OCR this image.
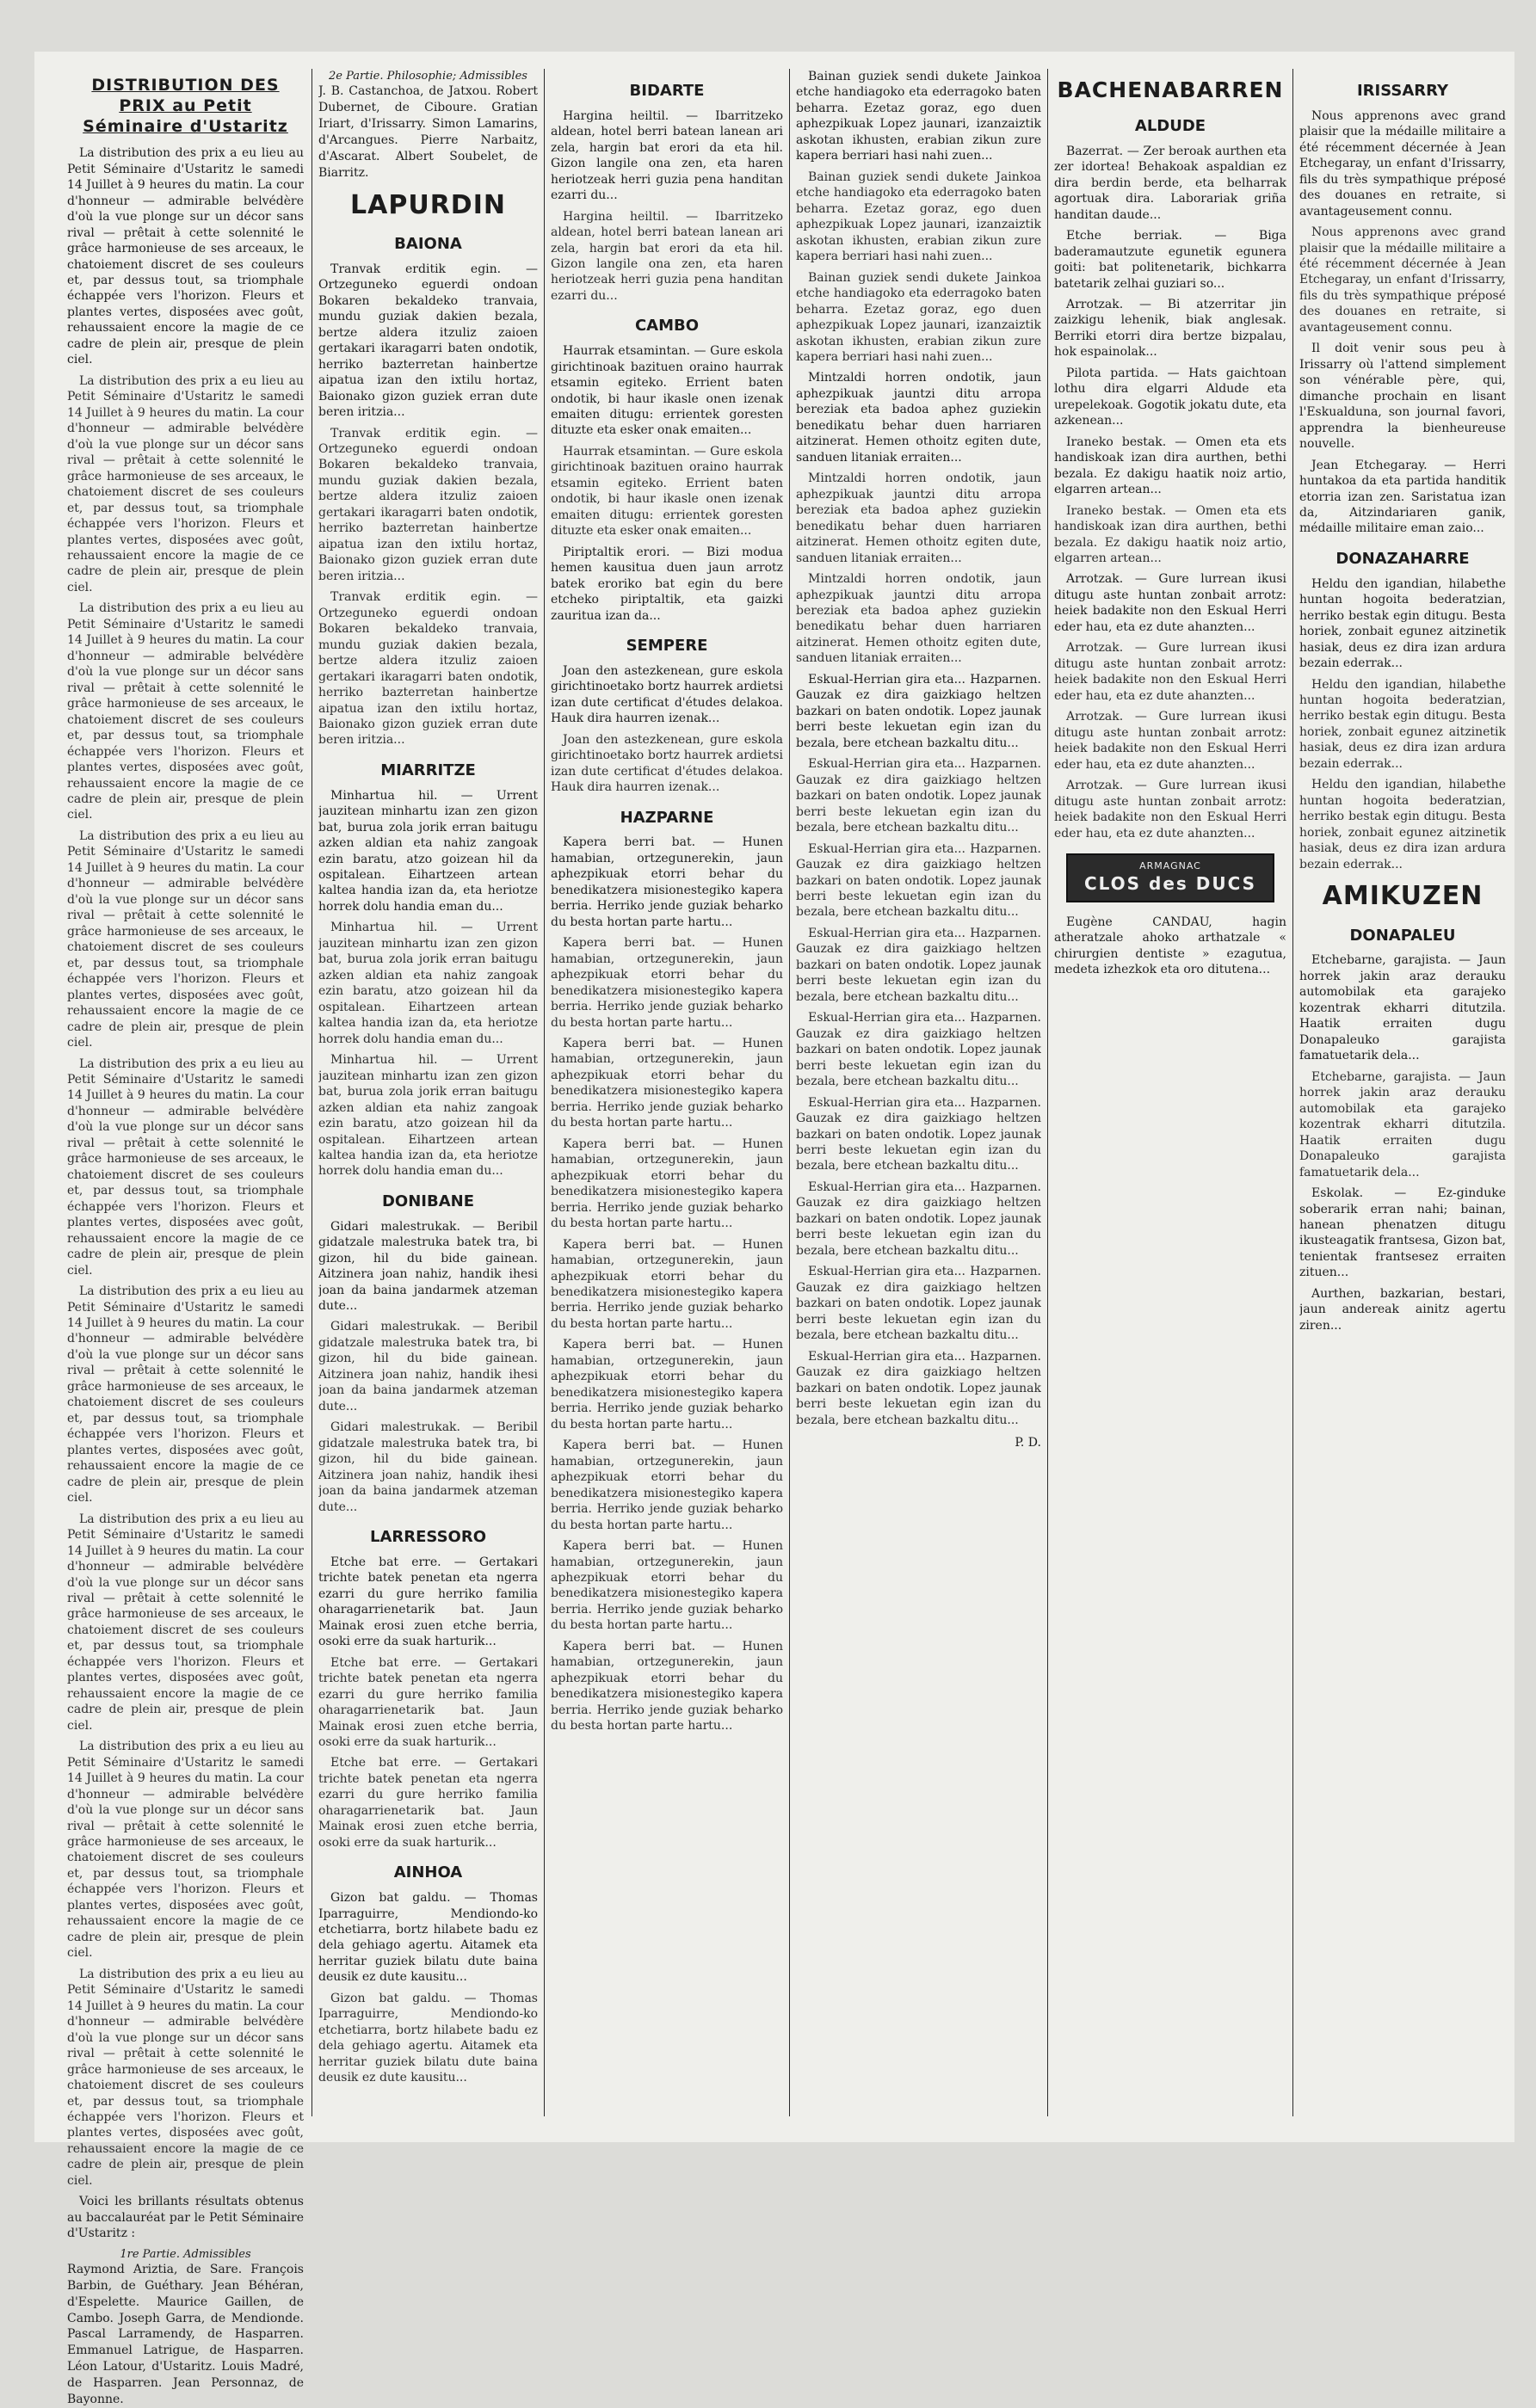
DISTRIBUTION DES PRIX au Petit Séminaire d'Ustaritz

La distribution des prix a eu lieu au Petit Séminaire d'Ustaritz le samedi 14 Juillet à 9 heures du matin. La cour d'honneur — admirable belvédère d'où la vue plonge sur un décor sans rival — prêtait à cette solennité le grâce harmonieuse de ses arceaux, le chatoiement discret de ses couleurs et, par dessus tout, sa triomphale échappée vers l'horizon. Fleurs et plantes vertes, disposées avec goût, rehaussaient encore la magie de ce cadre de plein air, presque de plein ciel.

La distribution des prix a eu lieu au Petit Séminaire d'Ustaritz le samedi 14 Juillet à 9 heures du matin. La cour d'honneur — admirable belvédère d'où la vue plonge sur un décor sans rival — prêtait à cette solennité le grâce harmonieuse de ses arceaux, le chatoiement discret de ses couleurs et, par dessus tout, sa triomphale échappée vers l'horizon. Fleurs et plantes vertes, disposées avec goût, rehaussaient encore la magie de ce cadre de plein air, presque de plein ciel.

La distribution des prix a eu lieu au Petit Séminaire d'Ustaritz le samedi 14 Juillet à 9 heures du matin. La cour d'honneur — admirable belvédère d'où la vue plonge sur un décor sans rival — prêtait à cette solennité le grâce harmonieuse de ses arceaux, le chatoiement discret de ses couleurs et, par dessus tout, sa triomphale échappée vers l'horizon. Fleurs et plantes vertes, disposées avec goût, rehaussaient encore la magie de ce cadre de plein air, presque de plein ciel.

La distribution des prix a eu lieu au Petit Séminaire d'Ustaritz le samedi 14 Juillet à 9 heures du matin. La cour d'honneur — admirable belvédère d'où la vue plonge sur un décor sans rival — prêtait à cette solennité le grâce harmonieuse de ses arceaux, le chatoiement discret de ses couleurs et, par dessus tout, sa triomphale échappée vers l'horizon. Fleurs et plantes vertes, disposées avec goût, rehaussaient encore la magie de ce cadre de plein air, presque de plein ciel.

La distribution des prix a eu lieu au Petit Séminaire d'Ustaritz le samedi 14 Juillet à 9 heures du matin. La cour d'honneur — admirable belvédère d'où la vue plonge sur un décor sans rival — prêtait à cette solennité le grâce harmonieuse de ses arceaux, le chatoiement discret de ses couleurs et, par dessus tout, sa triomphale échappée vers l'horizon. Fleurs et plantes vertes, disposées avec goût, rehaussaient encore la magie de ce cadre de plein air, presque de plein ciel.

La distribution des prix a eu lieu au Petit Séminaire d'Ustaritz le samedi 14 Juillet à 9 heures du matin. La cour d'honneur — admirable belvédère d'où la vue plonge sur un décor sans rival — prêtait à cette solennité le grâce harmonieuse de ses arceaux, le chatoiement discret de ses couleurs et, par dessus tout, sa triomphale échappée vers l'horizon. Fleurs et plantes vertes, disposées avec goût, rehaussaient encore la magie de ce cadre de plein air, presque de plein ciel.

La distribution des prix a eu lieu au Petit Séminaire d'Ustaritz le samedi 14 Juillet à 9 heures du matin. La cour d'honneur — admirable belvédère d'où la vue plonge sur un décor sans rival — prêtait à cette solennité le grâce harmonieuse de ses arceaux, le chatoiement discret de ses couleurs et, par dessus tout, sa triomphale échappée vers l'horizon. Fleurs et plantes vertes, disposées avec goût, rehaussaient encore la magie de ce cadre de plein air, presque de plein ciel.

La distribution des prix a eu lieu au Petit Séminaire d'Ustaritz le samedi 14 Juillet à 9 heures du matin. La cour d'honneur — admirable belvédère d'où la vue plonge sur un décor sans rival — prêtait à cette solennité le grâce harmonieuse de ses arceaux, le chatoiement discret de ses couleurs et, par dessus tout, sa triomphale échappée vers l'horizon. Fleurs et plantes vertes, disposées avec goût, rehaussaient encore la magie de ce cadre de plein air, presque de plein ciel.

La distribution des prix a eu lieu au Petit Séminaire d'Ustaritz le samedi 14 Juillet à 9 heures du matin. La cour d'honneur — admirable belvédère d'où la vue plonge sur un décor sans rival — prêtait à cette solennité le grâce harmonieuse de ses arceaux, le chatoiement discret de ses couleurs et, par dessus tout, sa triomphale échappée vers l'horizon. Fleurs et plantes vertes, disposées avec goût, rehaussaient encore la magie de ce cadre de plein air, presque de plein ciel.

Voici les brillants résultats obtenus au baccalauréat par le Petit Séminaire d'Ustaritz :

1re Partie. Admissibles
Raymond Ariztia, de Sare. François Barbin, de Guéthary. Jean Béhéran, d'Espelette. Maurice Gaillen, de Cambo. Joseph Garra, de Mendionde. Pascal Larramendy, de Hasparren. Emmanuel Latrigue, de Hasparren. Léon Latour, d'Ustaritz. Louis Madré, de Hasparren. Jean Personnaz, de Bayonne.
2e Partie. Philosophie; Admissibles
J. B. Castanchoa, de Jatxou. Robert Dubernet, de Ciboure. Gratian Iriart, d'Irissarry. Simon Lamarins, d'Arcangues. Pierre Narbaitz, d'Ascarat. Albert Soubelet, de Biarritz.
LAPURDIN
BAIONA

Tranvak erditik egin. — Ortzeguneko eguerdi ondoan Bokaren bekaldeko tranvaia, mundu guziak dakien bezala, bertze aldera itzuliz zaioen gertakari ikaragarri baten ondotik, herriko bazterretan hainbertze aipatua izan den ixtilu hortaz, Baionako gizon guziek erran dute beren iritzia...

Tranvak erditik egin. — Ortzeguneko eguerdi ondoan Bokaren bekaldeko tranvaia, mundu guziak dakien bezala, bertze aldera itzuliz zaioen gertakari ikaragarri baten ondotik, herriko bazterretan hainbertze aipatua izan den ixtilu hortaz, Baionako gizon guziek erran dute beren iritzia...

Tranvak erditik egin. — Ortzeguneko eguerdi ondoan Bokaren bekaldeko tranvaia, mundu guziak dakien bezala, bertze aldera itzuliz zaioen gertakari ikaragarri baten ondotik, herriko bazterretan hainbertze aipatua izan den ixtilu hortaz, Baionako gizon guziek erran dute beren iritzia...

MIARRITZE

Minhartua hil. — Urrent jauzitean minhartu izan zen gizon bat, burua zola jorik erran baitugu azken aldian eta nahiz zangoak ezin baratu, atzo goizean hil da ospitalean. Eihartzeen artean kaltea handia izan da, eta heriotze horrek dolu handia eman du...

Minhartua hil. — Urrent jauzitean minhartu izan zen gizon bat, burua zola jorik erran baitugu azken aldian eta nahiz zangoak ezin baratu, atzo goizean hil da ospitalean. Eihartzeen artean kaltea handia izan da, eta heriotze horrek dolu handia eman du...

Minhartua hil. — Urrent jauzitean minhartu izan zen gizon bat, burua zola jorik erran baitugu azken aldian eta nahiz zangoak ezin baratu, atzo goizean hil da ospitalean. Eihartzeen artean kaltea handia izan da, eta heriotze horrek dolu handia eman du...

DONIBANE

Gidari malestrukak. — Beribil gidatzale malestruka batek tra, bi gizon, hil du bide gainean. Aitzinera joan nahiz, handik ihesi joan da baina jandarmek atzeman dute...

Gidari malestrukak. — Beribil gidatzale malestruka batek tra, bi gizon, hil du bide gainean. Aitzinera joan nahiz, handik ihesi joan da baina jandarmek atzeman dute...

Gidari malestrukak. — Beribil gidatzale malestruka batek tra, bi gizon, hil du bide gainean. Aitzinera joan nahiz, handik ihesi joan da baina jandarmek atzeman dute...

LARRESSORO

Etche bat erre. — Gertakari trichte batek penetan eta ngerra ezarri du gure herriko familia oharagarrienetarik bat. Jaun Mainak erosi zuen etche berria, osoki erre da suak harturik...

Etche bat erre. — Gertakari trichte batek penetan eta ngerra ezarri du gure herriko familia oharagarrienetarik bat. Jaun Mainak erosi zuen etche berria, osoki erre da suak harturik...

Etche bat erre. — Gertakari trichte batek penetan eta ngerra ezarri du gure herriko familia oharagarrienetarik bat. Jaun Mainak erosi zuen etche berria, osoki erre da suak harturik...

AINHOA

Gizon bat galdu. — Thomas Iparraguirre, Mendiondo-ko etchetiarra, bortz hilabete badu ez dela gehiago agertu. Aitamek eta herritar guziek bilatu dute baina deusik ez dute kausitu...

Gizon bat galdu. — Thomas Iparraguirre, Mendiondo-ko etchetiarra, bortz hilabete badu ez dela gehiago agertu. Aitamek eta herritar guziek bilatu dute baina deusik ez dute kausitu...

BIDARTE

Hargina heiltil. — Ibarritzeko aldean, hotel berri batean lanean ari zela, hargin bat erori da eta hil. Gizon langile ona zen, eta haren heriotzeak herri guzia pena handitan ezarri du...

Hargina heiltil. — Ibarritzeko aldean, hotel berri batean lanean ari zela, hargin bat erori da eta hil. Gizon langile ona zen, eta haren heriotzeak herri guzia pena handitan ezarri du...

CAMBO

Haurrak etsamintan. — Gure eskola girichtinoak bazituen oraino haurrak etsamin egiteko. Errient baten ondotik, bi haur ikasle onen izenak emaiten ditugu: errientek goresten dituzte eta esker onak emaiten...

Haurrak etsamintan. — Gure eskola girichtinoak bazituen oraino haurrak etsamin egiteko. Errient baten ondotik, bi haur ikasle onen izenak emaiten ditugu: errientek goresten dituzte eta esker onak emaiten...

Piriptaltik erori. — Bizi modua hemen kausitua duen jaun arrotz batek eroriko bat egin du bere etcheko piriptaltik, eta gaizki zauritua izan da...

SEMPERE

Joan den astezkenean, gure eskola girichtinoetako bortz haurrek ardietsi izan dute certificat d'études delakoa. Hauk dira haurren izenak...

Joan den astezkenean, gure eskola girichtinoetako bortz haurrek ardietsi izan dute certificat d'études delakoa. Hauk dira haurren izenak...

HAZPARNE

Kapera berri bat. — Hunen hamabian, ortzegunerekin, jaun aphezpikuak etorri behar du benedikatzera misionestegiko kapera berria. Herriko jende guziak beharko du besta hortan parte hartu...

Kapera berri bat. — Hunen hamabian, ortzegunerekin, jaun aphezpikuak etorri behar du benedikatzera misionestegiko kapera berria. Herriko jende guziak beharko du besta hortan parte hartu...

Kapera berri bat. — Hunen hamabian, ortzegunerekin, jaun aphezpikuak etorri behar du benedikatzera misionestegiko kapera berria. Herriko jende guziak beharko du besta hortan parte hartu...

Kapera berri bat. — Hunen hamabian, ortzegunerekin, jaun aphezpikuak etorri behar du benedikatzera misionestegiko kapera berria. Herriko jende guziak beharko du besta hortan parte hartu...

Kapera berri bat. — Hunen hamabian, ortzegunerekin, jaun aphezpikuak etorri behar du benedikatzera misionestegiko kapera berria. Herriko jende guziak beharko du besta hortan parte hartu...

Kapera berri bat. — Hunen hamabian, ortzegunerekin, jaun aphezpikuak etorri behar du benedikatzera misionestegiko kapera berria. Herriko jende guziak beharko du besta hortan parte hartu...

Kapera berri bat. — Hunen hamabian, ortzegunerekin, jaun aphezpikuak etorri behar du benedikatzera misionestegiko kapera berria. Herriko jende guziak beharko du besta hortan parte hartu...

Kapera berri bat. — Hunen hamabian, ortzegunerekin, jaun aphezpikuak etorri behar du benedikatzera misionestegiko kapera berria. Herriko jende guziak beharko du besta hortan parte hartu...

Kapera berri bat. — Hunen hamabian, ortzegunerekin, jaun aphezpikuak etorri behar du benedikatzera misionestegiko kapera berria. Herriko jende guziak beharko du besta hortan parte hartu...

Bainan guziek sendi dukete Jainkoa etche handiagoko eta ederragoko baten beharra. Ezetaz goraz, ego duen aphezpikuak Lopez jaunari, izanzaiztik askotan ikhusten, erabian zikun zure kapera berriari hasi nahi zuen...

Bainan guziek sendi dukete Jainkoa etche handiagoko eta ederragoko baten beharra. Ezetaz goraz, ego duen aphezpikuak Lopez jaunari, izanzaiztik askotan ikhusten, erabian zikun zure kapera berriari hasi nahi zuen...

Bainan guziek sendi dukete Jainkoa etche handiagoko eta ederragoko baten beharra. Ezetaz goraz, ego duen aphezpikuak Lopez jaunari, izanzaiztik askotan ikhusten, erabian zikun zure kapera berriari hasi nahi zuen...

Mintzaldi horren ondotik, jaun aphezpikuak jauntzi ditu arropa bereziak eta badoa aphez guziekin benedikatu behar duen harriaren aitzinerat. Hemen othoitz egiten dute, sanduen litaniak erraiten...

Mintzaldi horren ondotik, jaun aphezpikuak jauntzi ditu arropa bereziak eta badoa aphez guziekin benedikatu behar duen harriaren aitzinerat. Hemen othoitz egiten dute, sanduen litaniak erraiten...

Mintzaldi horren ondotik, jaun aphezpikuak jauntzi ditu arropa bereziak eta badoa aphez guziekin benedikatu behar duen harriaren aitzinerat. Hemen othoitz egiten dute, sanduen litaniak erraiten...

Eskual-Herrian gira eta... Hazparnen. Gauzak ez dira gaizkiago heltzen bazkari on baten ondotik. Lopez jaunak berri beste lekuetan egin izan du bezala, bere etchean bazkaltu ditu...

Eskual-Herrian gira eta... Hazparnen. Gauzak ez dira gaizkiago heltzen bazkari on baten ondotik. Lopez jaunak berri beste lekuetan egin izan du bezala, bere etchean bazkaltu ditu...

Eskual-Herrian gira eta... Hazparnen. Gauzak ez dira gaizkiago heltzen bazkari on baten ondotik. Lopez jaunak berri beste lekuetan egin izan du bezala, bere etchean bazkaltu ditu...

Eskual-Herrian gira eta... Hazparnen. Gauzak ez dira gaizkiago heltzen bazkari on baten ondotik. Lopez jaunak berri beste lekuetan egin izan du bezala, bere etchean bazkaltu ditu...

Eskual-Herrian gira eta... Hazparnen. Gauzak ez dira gaizkiago heltzen bazkari on baten ondotik. Lopez jaunak berri beste lekuetan egin izan du bezala, bere etchean bazkaltu ditu...

Eskual-Herrian gira eta... Hazparnen. Gauzak ez dira gaizkiago heltzen bazkari on baten ondotik. Lopez jaunak berri beste lekuetan egin izan du bezala, bere etchean bazkaltu ditu...

Eskual-Herrian gira eta... Hazparnen. Gauzak ez dira gaizkiago heltzen bazkari on baten ondotik. Lopez jaunak berri beste lekuetan egin izan du bezala, bere etchean bazkaltu ditu...

Eskual-Herrian gira eta... Hazparnen. Gauzak ez dira gaizkiago heltzen bazkari on baten ondotik. Lopez jaunak berri beste lekuetan egin izan du bezala, bere etchean bazkaltu ditu...

Eskual-Herrian gira eta... Hazparnen. Gauzak ez dira gaizkiago heltzen bazkari on baten ondotik. Lopez jaunak berri beste lekuetan egin izan du bezala, bere etchean bazkaltu ditu...

P. D.
BACHENABARREN
ALDUDE

Bazerrat. — Zer beroak aurthen eta zer idortea! Behakoak aspaldian ez dira berdin berde, eta belharrak agortuak dira. Laborariak griña handitan daude...

Etche berriak. — Biga baderamautzute egunetik egunera goiti: bat politenetarik, bichkarra batetarik zelhai guziari so...

Arrotzak. — Bi atzerritar jin zaizkigu lehenik, biak anglesak. Berriki etorri dira bertze bizpalau, hok espainolak...

Pilota partida. — Hats gaichtoan lothu dira elgarri Aldude eta urepelekoak. Gogotik jokatu dute, eta azkenean...

Iraneko bestak. — Omen eta ets handiskoak izan dira aurthen, bethi bezala. Ez dakigu haatik noiz artio, elgarren artean...

Iraneko bestak. — Omen eta ets handiskoak izan dira aurthen, bethi bezala. Ez dakigu haatik noiz artio, elgarren artean...

Arrotzak. — Gure lurrean ikusi ditugu aste huntan zonbait arrotz: heiek badakite non den Eskual Herri eder hau, eta ez dute ahanzten...

Arrotzak. — Gure lurrean ikusi ditugu aste huntan zonbait arrotz: heiek badakite non den Eskual Herri eder hau, eta ez dute ahanzten...

Arrotzak. — Gure lurrean ikusi ditugu aste huntan zonbait arrotz: heiek badakite non den Eskual Herri eder hau, eta ez dute ahanzten...

Arrotzak. — Gure lurrean ikusi ditugu aste huntan zonbait arrotz: heiek badakite non den Eskual Herri eder hau, eta ez dute ahanzten...

ARMAGNAC
CLOS des DUCS

Eugène CANDAU, hagin atheratzale ahoko arthatzale « chirurgien dentiste » ezagutua, medeta izhezkok eta oro ditutena...

IRISSARRY

Nous apprenons avec grand plaisir que la médaille militaire a été récemment décernée à Jean Etchegaray, un enfant d'Irissarry, fils du très sympathique préposé des douanes en retraite, si avantageusement connu.

Nous apprenons avec grand plaisir que la médaille militaire a été récemment décernée à Jean Etchegaray, un enfant d'Irissarry, fils du très sympathique préposé des douanes en retraite, si avantageusement connu.

Il doit venir sous peu à Irissarry où l'attend simplement son vénérable père, qui, dimanche prochain en lisant l'Eskualduna, son journal favori, apprendra la bienheureuse nouvelle.

Jean Etchegaray. — Herri huntakoa da eta partida handitik etorria izan zen. Saristatua izan da, Aitzindariaren ganik, médaille militaire eman zaio...

DONAZAHARRE

Heldu den igandian, hilabethe huntan hogoita bederatzian, herriko bestak egin ditugu. Besta horiek, zonbait egunez aitzinetik hasiak, deus ez dira izan ardura bezain ederrak...

Heldu den igandian, hilabethe huntan hogoita bederatzian, herriko bestak egin ditugu. Besta horiek, zonbait egunez aitzinetik hasiak, deus ez dira izan ardura bezain ederrak...

Heldu den igandian, hilabethe huntan hogoita bederatzian, herriko bestak egin ditugu. Besta horiek, zonbait egunez aitzinetik hasiak, deus ez dira izan ardura bezain ederrak...

AMIKUZEN
DONAPALEU

Etchebarne, garajista. — Jaun horrek jakin araz derauku automobilak eta garajeko kozentrak ekharri ditutzila. Haatik erraiten dugu Donapaleuko garajista famatuetarik dela...

Etchebarne, garajista. — Jaun horrek jakin araz derauku automobilak eta garajeko kozentrak ekharri ditutzila. Haatik erraiten dugu Donapaleuko garajista famatuetarik dela...

Eskolak. — Ez-ginduke soberarik erran nahi; bainan, hanean phenatzen ditugu ikusteagatik frantsesa, Gizon bat, tenientak frantsesez erraiten zituen...

Aurthen, bazkarian, bestari, jaun andereak ainitz agertu ziren...
